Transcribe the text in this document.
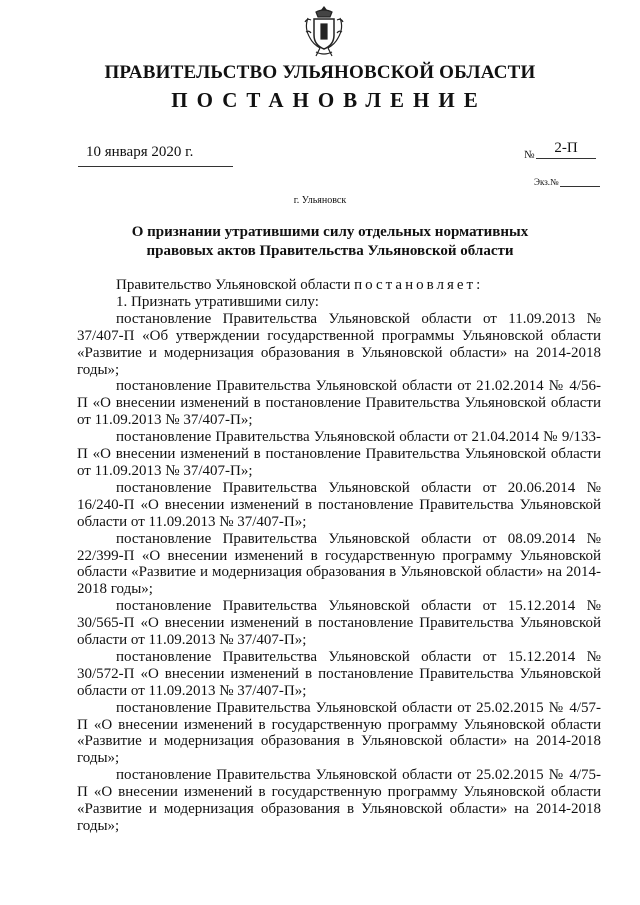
ПРАВИТЕЛЬСТВО УЛЬЯНОВСКОЙ ОБЛАСТИ
ПОСТАНОВЛЕНИЕ
10 января 2020 г.	№	2-П
Экз.№
г. Ульяновск
О признании утратившими силу отдельных нормативных правовых актов Правительства Ульяновской области

Правительство Ульяновской области постановляет:

1. Признать утратившими силу:

постановление Правительства Ульяновской области от 11.09.2013 № 37/407-П «Об утверждении государственной программы Ульяновской области «Развитие и модернизация образования в Ульяновской области» на 2014-2018 годы»;

постановление Правительства Ульяновской области от 21.02.2014 № 4/56-П «О внесении изменений в постановление Правительства Ульяновской области от 11.09.2013 № 37/407-П»;

постановление Правительства Ульяновской области от 21.04.2014 № 9/133-П «О внесении изменений в постановление Правительства Ульяновской области от 11.09.2013 № 37/407-П»;

постановление Правительства Ульяновской области от 20.06.2014 № 16/240-П «О внесении изменений в постановление Правительства Ульяновской области от 11.09.2013 № 37/407-П»;

постановление Правительства Ульяновской области от 08.09.2014 № 22/399-П «О внесении изменений в государственную программу Ульяновской области «Развитие и модернизация образования в Ульяновской области» на 2014-2018 годы»;

постановление Правительства Ульяновской области от 15.12.2014 № 30/565-П «О внесении изменений в постановление Правительства Ульяновской области от 11.09.2013 № 37/407-П»;

постановление Правительства Ульяновской области от 15.12.2014 № 30/572-П «О внесении изменений в постановление Правительства Ульяновской области от 11.09.2013 № 37/407-П»;

постановление Правительства Ульяновской области от 25.02.2015 № 4/57-П «О внесении изменений в государственную программу Ульяновской области «Развитие и модернизация образования в Ульяновской области» на 2014-2018 годы»;

постановление Правительства Ульяновской области от 25.02.2015 № 4/75-П «О внесении изменений в государственную программу Ульяновской области «Развитие и модернизация образования в Ульяновской области» на 2014-2018 годы»;
